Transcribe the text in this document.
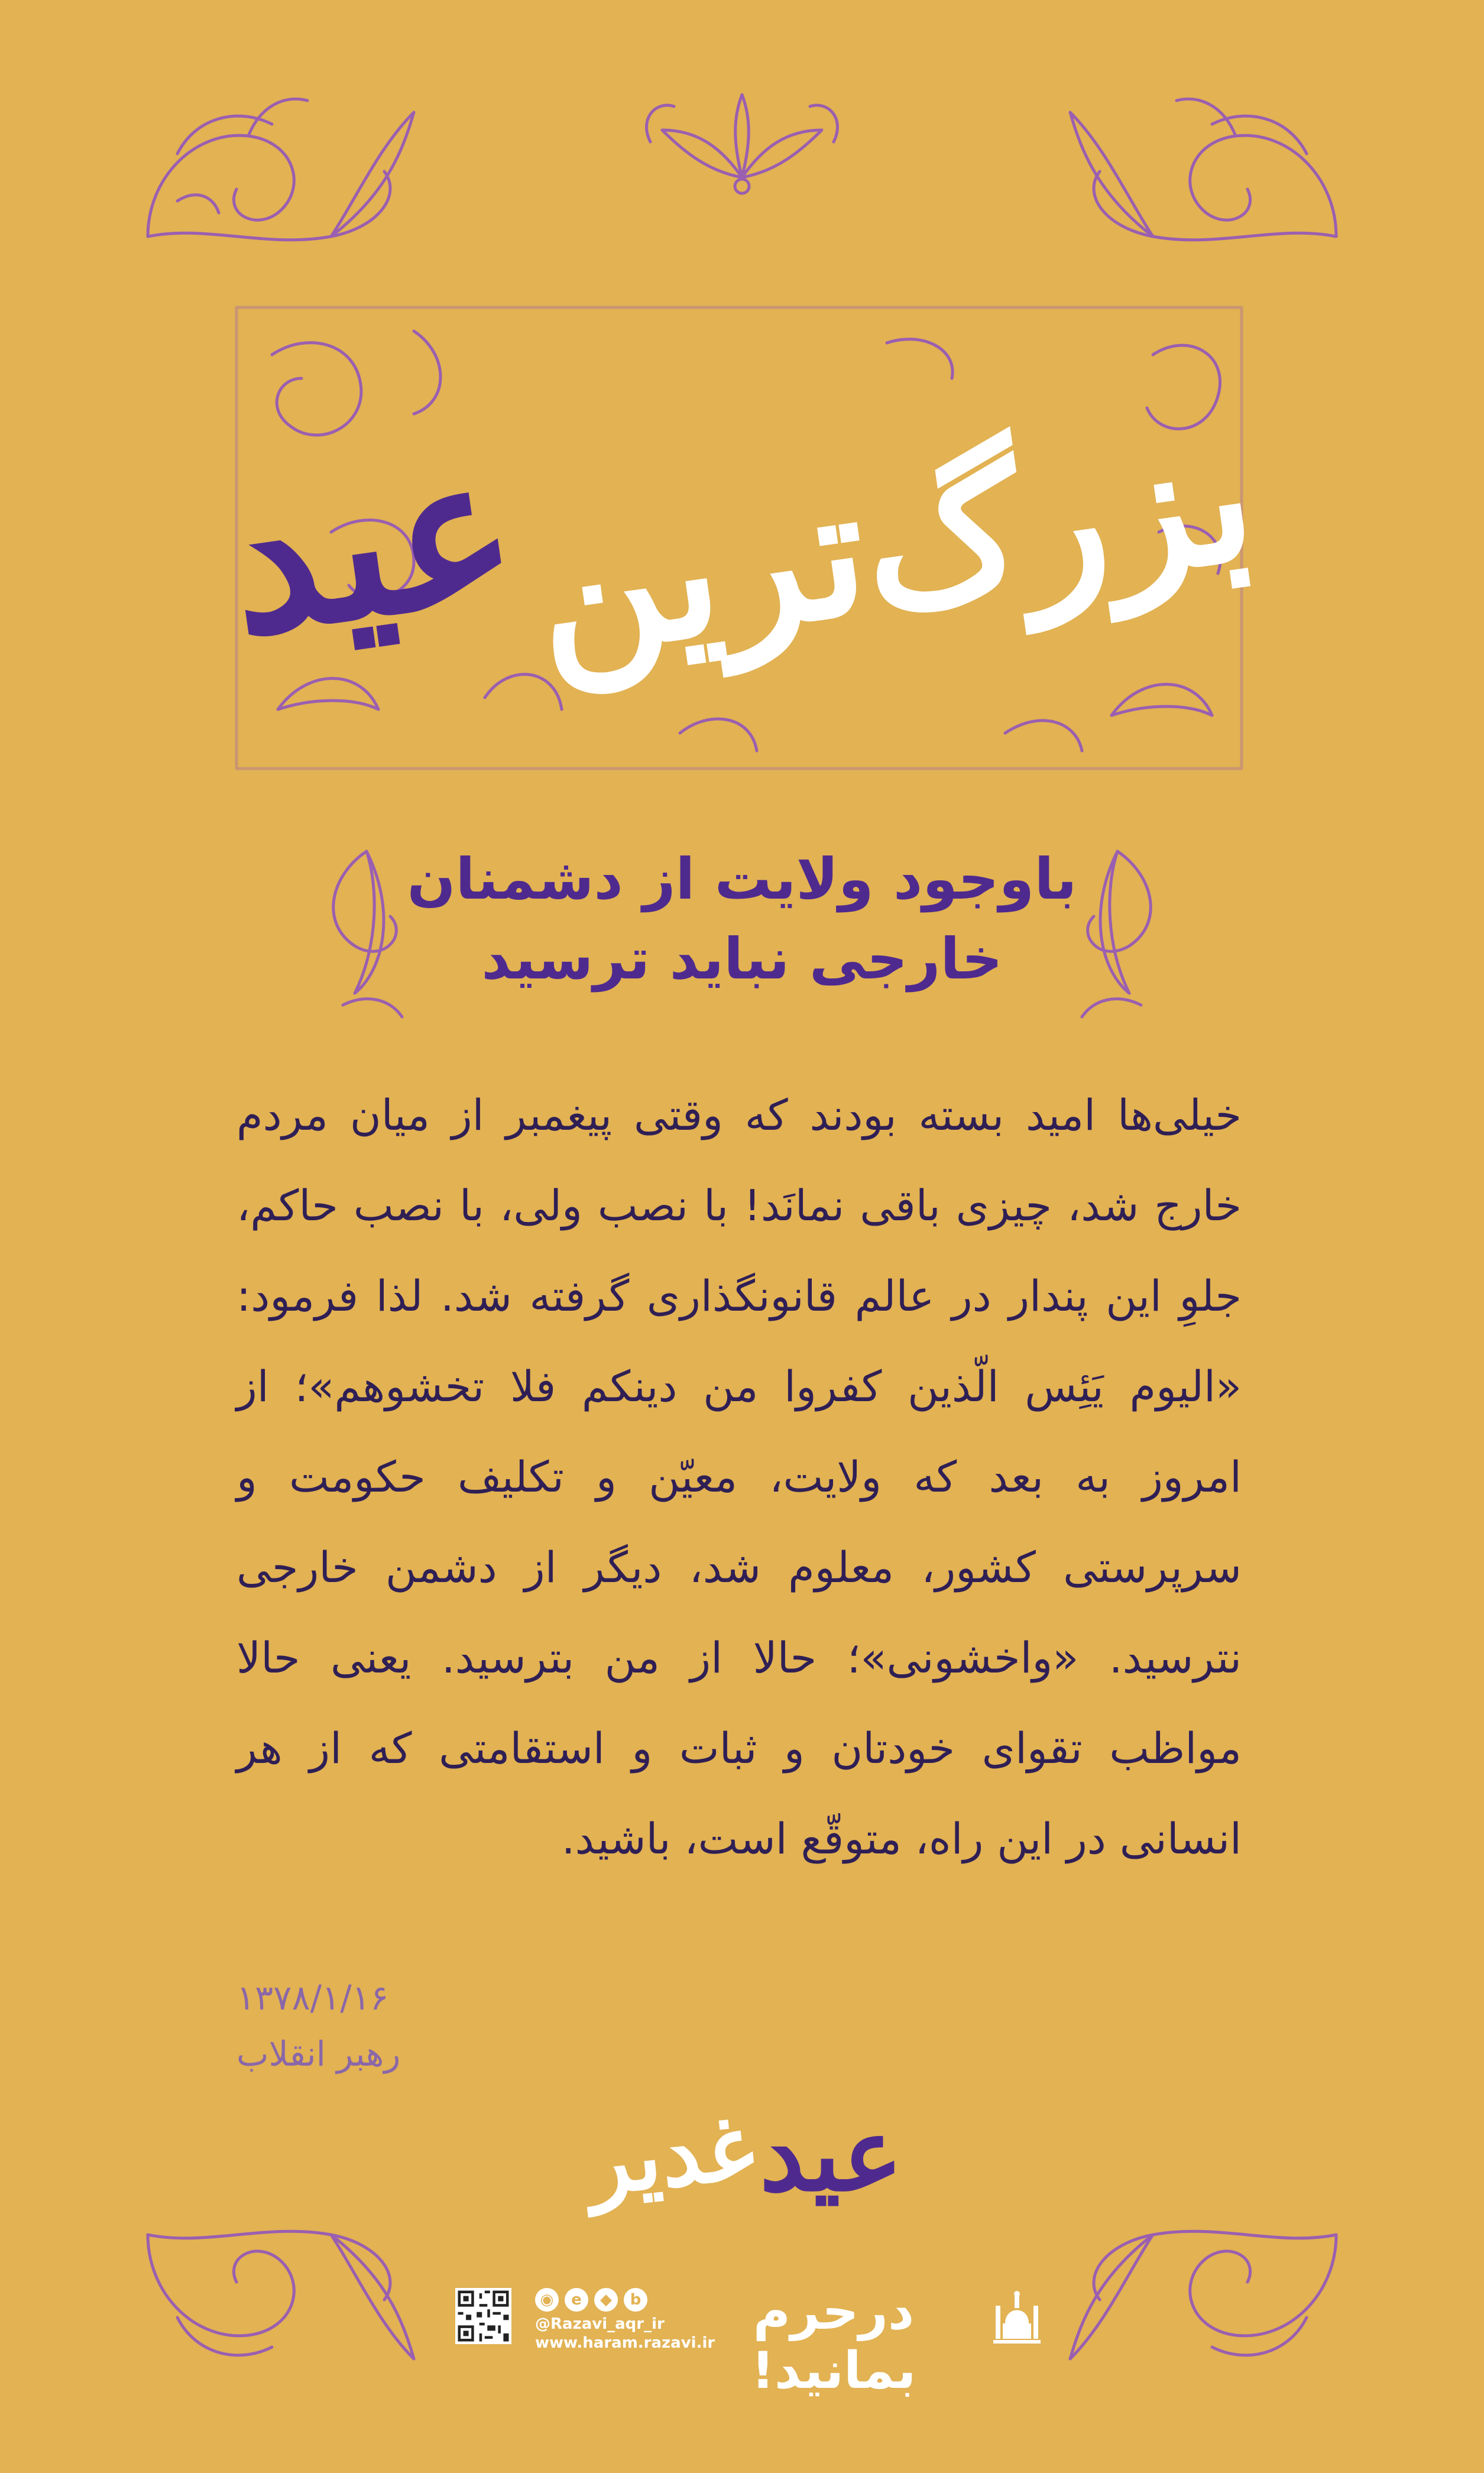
بزرگ‌ترین
عید
باوجود ولایت از دشمنان
خارجی نباید ترسید
خیلی‌ها امید بسته بودند که وقتی پیغمبر از میان مردم خارج شد، چیزی باقی نمانَد! با نصب ولی، با نصب حاکم، جلوِ این پندار در عالم قانونگذاری گرفته شد. لذا فرمود: «الیوم یَئِس الّذین کفروا من دینکم فلا تخشوهم»؛ از امروز به بعد که ولایت، معیّن و تکلیف حکومت و سرپرستی کشور، معلوم شد، دیگر از دشمن خارجی نترسید. «واخشونی»؛ حالا از من بترسید. یعنی حالا مواظب تقوای خودتان و ثبات و استقامتی که از هر انسانی در این راه، متوقّع است، باشید.
۱۳۷۸/۱/۱۶
رهبر انقلاب
عید
غدیر
◉	e	◆	b
@Razavi_aqr_ir
www.haram.razavi.ir
درحرم بمانید!
